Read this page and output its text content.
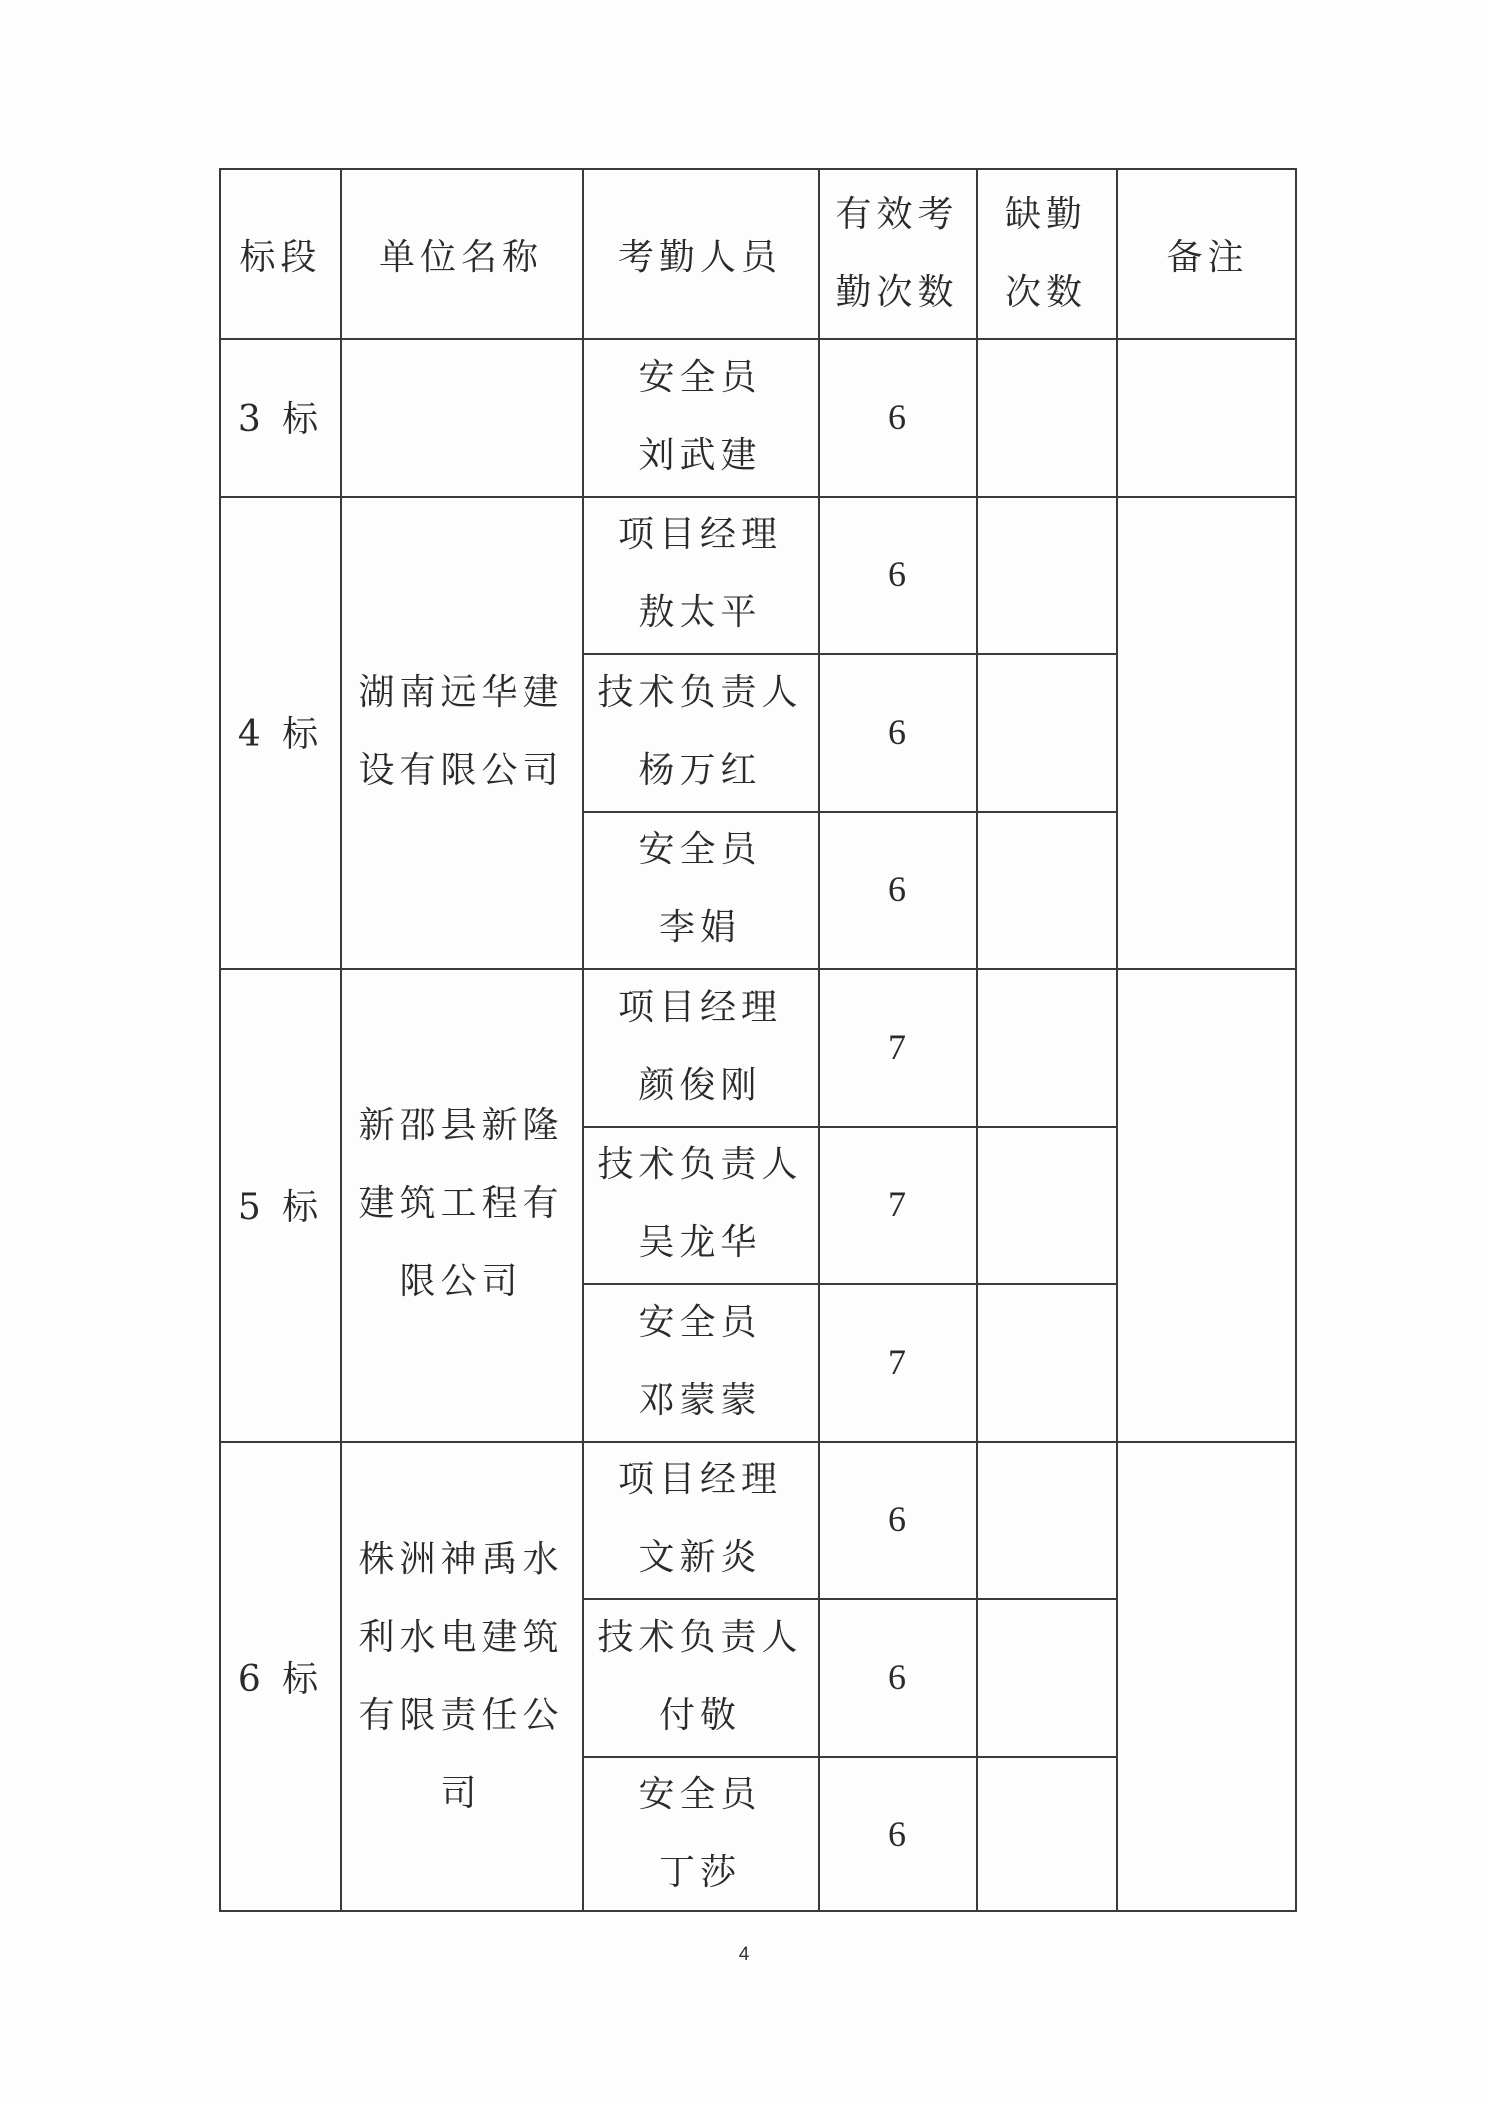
标段 单位名称 考勤人员
有效考
勤次数
缺勤
次数
备注
3 标
安全员
刘武建
6
4 标
湖南远华建
设有限公司
项目经理
敖太平
6
技术负责人
杨万红
6
安全员
李娟
6
5 标
新邵县新隆
建筑工程有
限公司
项目经理
颜俊刚
7
技术负责人
吴龙华
7
安全员
邓蒙蒙
7
6 标
株洲神禹水
利水电建筑
有限责任公
司
项目经理
文新炎
6
技术负责人
付敬
6
安全员
丁莎
6
4
